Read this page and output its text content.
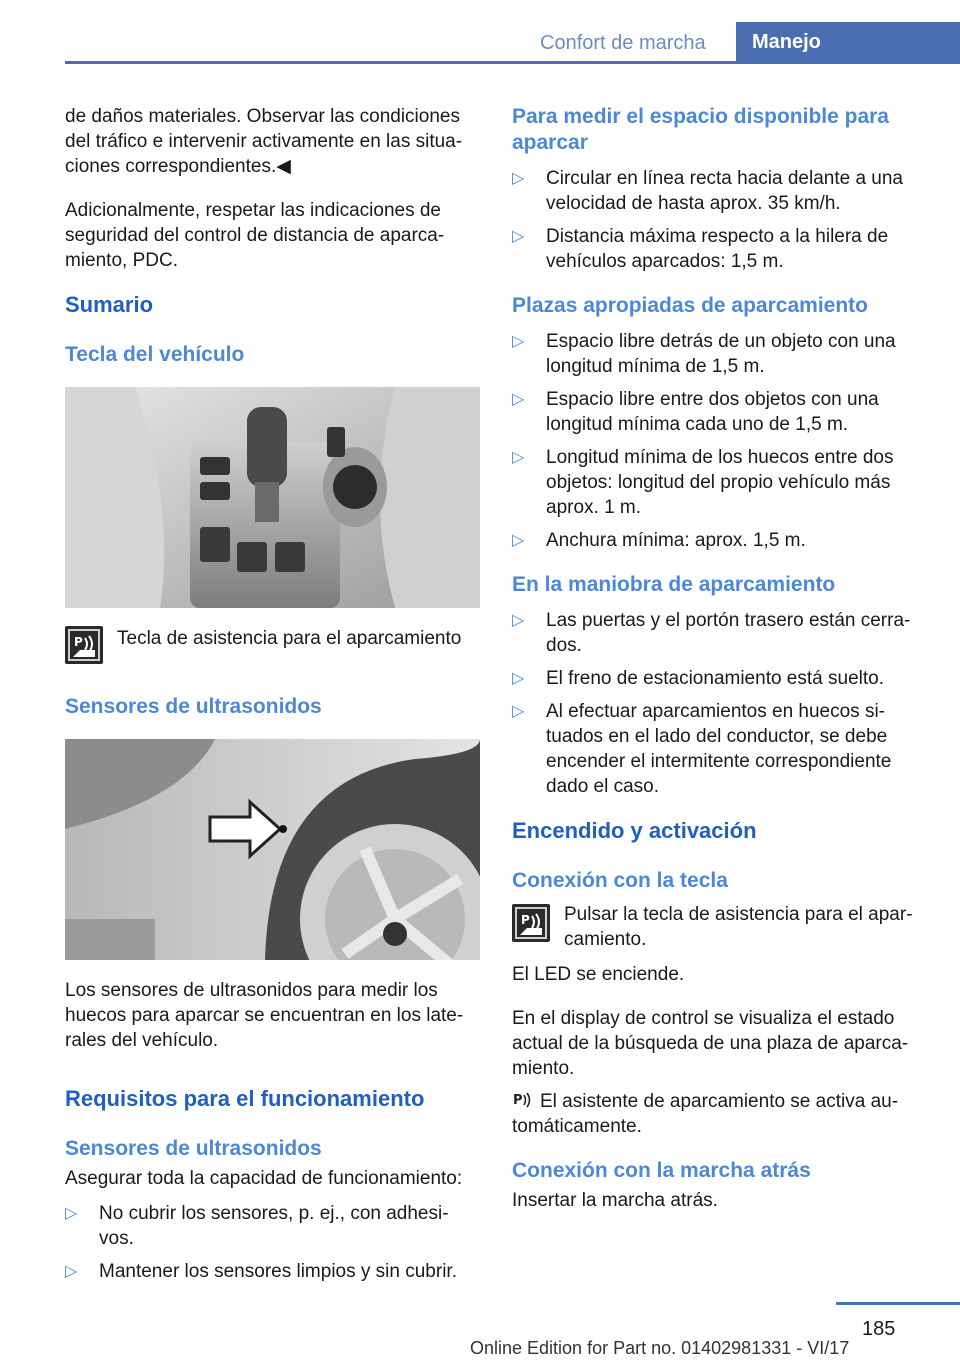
Confort de marcha Manejo

de daños materiales. Observar las condiciones del tráfico e intervenir activamente en las situa‐ciones correspondientes.◀

Adicionalmente, respetar las indicaciones de seguridad del control de distancia de aparca‐miento, PDC.

Sumario
Tecla del vehículo
P Tecla de asistencia para el aparcamiento
Sensores de ultrasonidos

Los sensores de ultrasonidos para medir los huecos para aparcar se encuentran en los late‐rales del vehículo.

Requisitos para el funcionamiento
Sensores de ultrasonidos

Asegurar toda la capacidad de funcionamiento:

▷ No cubrir los sensores, p. ej., con adhesi‐vos.
▷ Mantener los sensores limpios y sin cubrir.
Para medir el espacio disponible para aparcar
▷ Circular en línea recta hacia delante a una velocidad de hasta aprox. 35 km/h.
▷ Distancia máxima respecto a la hilera de vehículos aparcados: 1,5 m.
Plazas apropiadas de aparcamiento
▷ Espacio libre detrás de un objeto con una longitud mínima de 1,5 m.
▷ Espacio libre entre dos objetos con una longitud mínima cada uno de 1,5 m.
▷ Longitud mínima de los huecos entre dos objetos: longitud del propio vehículo más aprox. 1 m.
▷ Anchura mínima: aprox. 1,5 m.
En la maniobra de aparcamiento
▷ Las puertas y el portón trasero están cerra‐dos.
▷ El freno de estacionamiento está suelto.
▷ Al efectuar aparcamientos en huecos si‐tuados en el lado del conductor, se debe encender el intermitente correspondiente dado el caso.
Encendido y activación
Conexión con la tecla
P Pulsar la tecla de asistencia para el apar‐camiento.

El LED se enciende.

En el display de control se visualiza el estado actual de la búsqueda de una plaza de aparca‐miento.

P El asistente de aparcamiento se activa au‐tomáticamente.

Conexión con la marcha atrás

Insertar la marcha atrás.

185
Online Edition for Part no. 01402981331 - VI/17
